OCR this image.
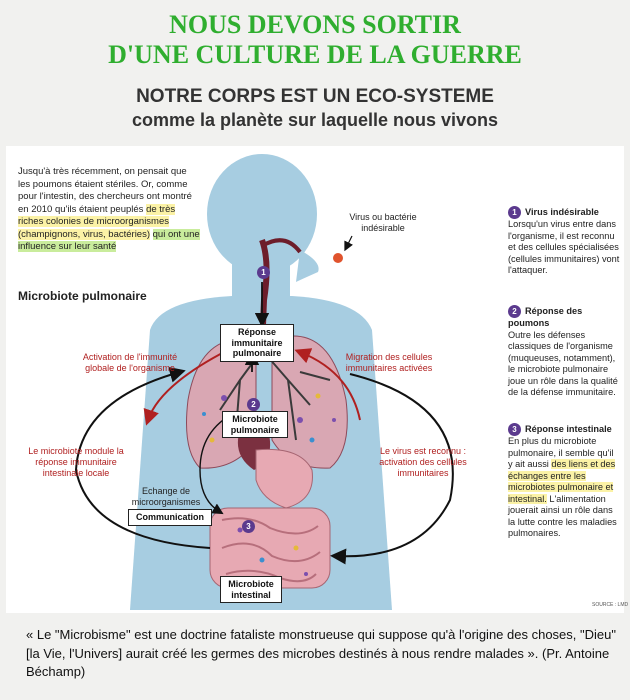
NOUS DEVONS SORTIR
D'UNE CULTURE DE LA GUERRE
NOTRE CORPS EST UN ECO-SYSTEME
comme la planète sur laquelle nous vivons
Jusqu'à très récemment, on pensait que les poumons étaient stériles. Or, comme pour l'intestin, des chercheurs ont montré en 2010 qu'ils étaient peuplés de très riches colonies de microorganismes (champignons, virus, bactéries) qui ont une influence sur leur santé
Microbiote pulmonaire
Virus ou bactérie indésirable
1
2
3
Réponse immunitaire pulmonaire
Microbiote pulmonaire
Communication
Microbiote intestinal
Activation de l'immunité globale de l'organisme
Migration des cellules immunitaires activées
Le microbiote module la réponse immunitaire intestinale locale
Le virus est reconnu : activation des cellules immunitaires
Echange de microorganismes
1 Virus indésirable
Lorsqu'un virus entre dans l'organisme, il est reconnu et des cellules spécialisées (cellules immunitaires) vont l'attaquer.
2 Réponse des poumons
Outre les défenses classiques de l'organisme (muqueuses, notamment), le microbiote pulmonaire joue un rôle dans la qualité de la défense immunitaire.
3 Réponse intestinale
En plus du microbiote pulmonaire, il semble qu'il y ait aussi des liens et des échanges entre les microbiotes pulmonaire et intestinal. L'alimentation jouerait ainsi un rôle dans la lutte contre les maladies pulmonaires.
SOURCE : LMD
« Le "Microbisme" est une doctrine fataliste monstrueuse qui suppose qu'à l'origine des choses, "Dieu" [la Vie, l'Univers] aurait créé les germes des microbes destinés à nous rendre malades ». (Pr. Antoine Béchamp)
